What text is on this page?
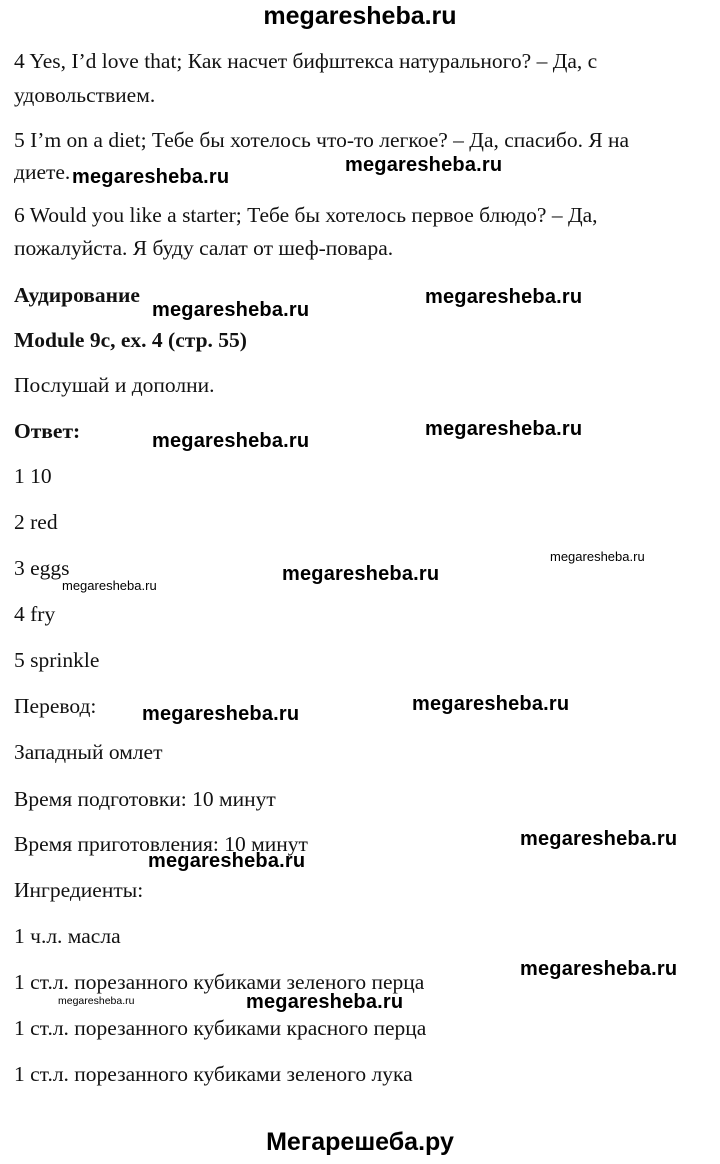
megaresheba.ru
4 Yes, I’d love that; Как насчет бифштекса натурального? – Да, с
удовольствием.
5 I’m on a diet; Тебе бы хотелось что-то легкое? – Да, спасибо. Я на
диете.
6 Would you like a starter; Тебе бы хотелось первое блюдо? – Да,
пожалуйста. Я буду салат от шеф-повара.
Аудирование
Module 9c, ex. 4 (стр. 55)
Послушай и дополни.
Ответ:
1 10
2 red
3 eggs
4 fry
5 sprinkle
Перевод:
Западный омлет
Время подготовки: 10 минут
Время приготовления: 10 минут
Ингредиенты:
1 ч.л. масла
1 ст.л. порезанного кубиками зеленого перца
1 ст.л. порезанного кубиками красного перца
1 ст.л. порезанного кубиками зеленого лука
megaresheba.ru
megaresheba.ru
megaresheba.ru
megaresheba.ru
megaresheba.ru
megaresheba.ru
megaresheba.ru
megaresheba.ru
megaresheba.ru
megaresheba.ru	megaresheba.ru
megaresheba.ru
megaresheba.ru
megaresheba.ru
megaresheba.ru	megaresheba.ru
Мегарешеба.ру
